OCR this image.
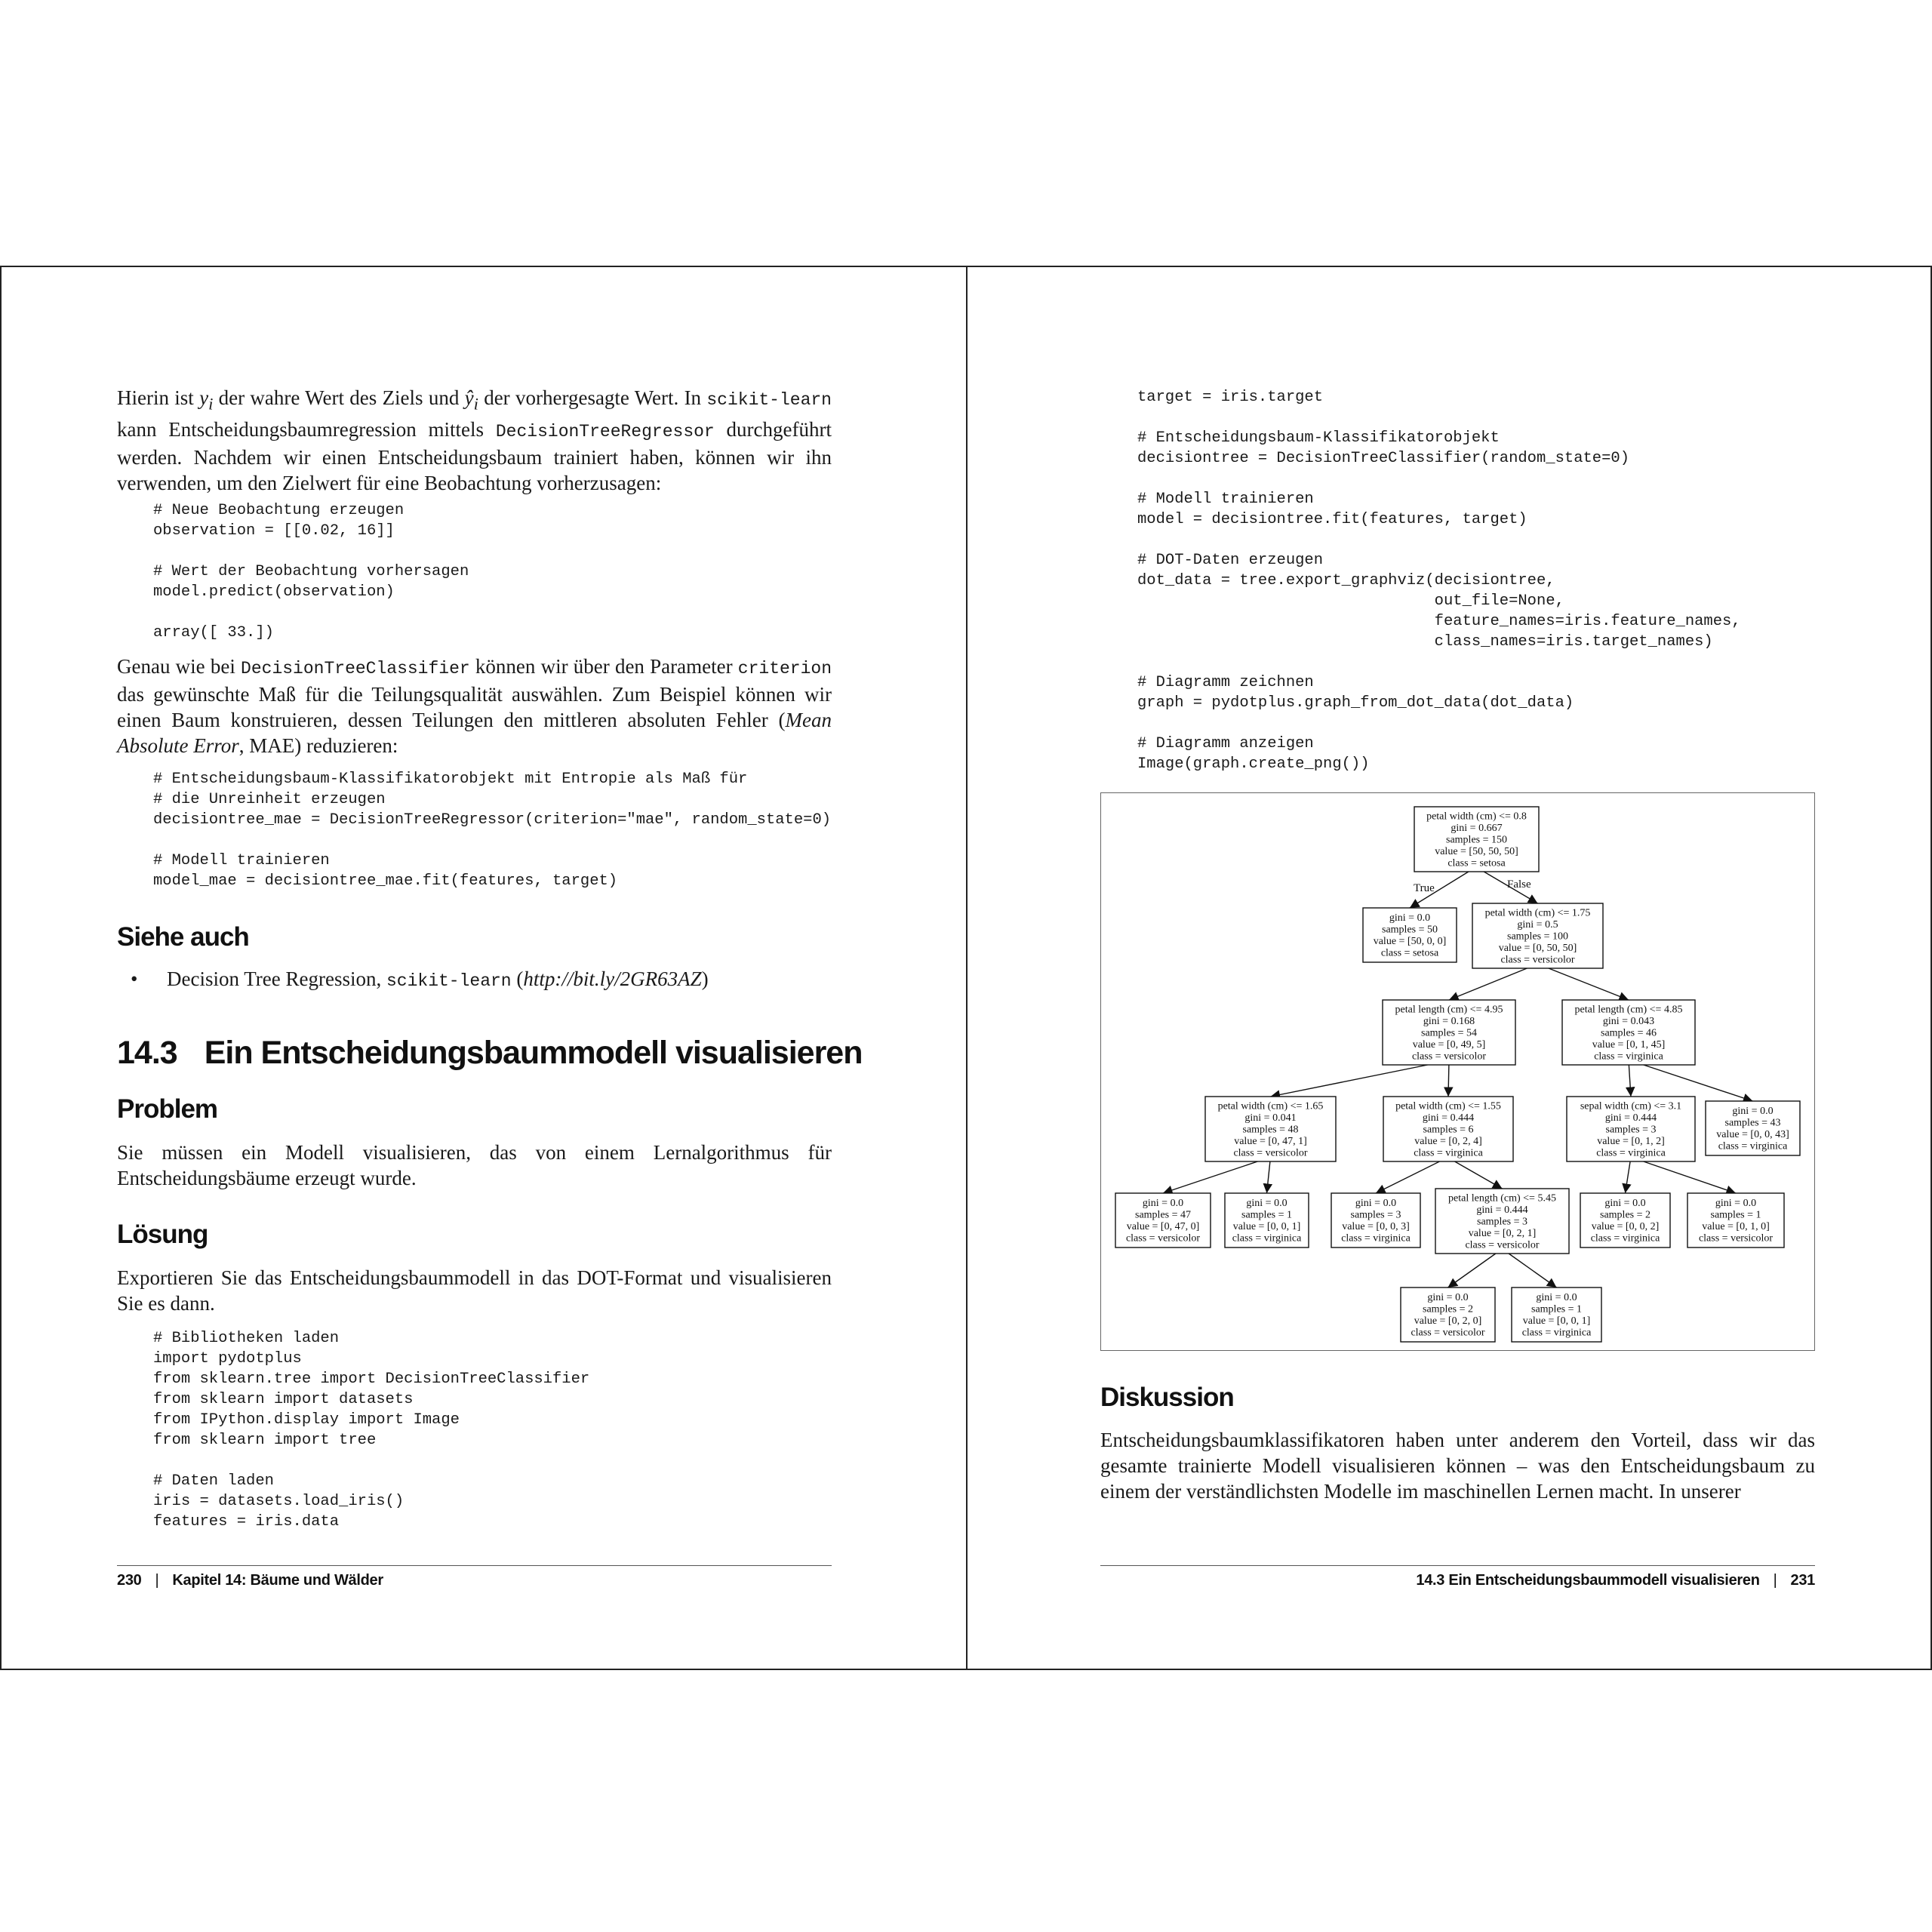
Hierin ist $y_i$ der wahre Wert des Ziels und $ŷ_i$ der vorhergesagte Wert. In scikit-learn kann Entscheidungsbaumregression mittels DecisionTreeRegressor durchgeführt werden. Nachdem wir einen Entscheidungsbaum trainiert haben, können wir ihn verwenden, um den Zielwert für eine Beobachtung vorherzusagen:

# Neue Beobachtung erzeugen
observation = [[0.02, 16]]

# Wert der Beobachtung vorhersagen
model.predict(observation)

array([ 33.])

Genau wie bei DecisionTreeClassifier können wir über den Parameter criterion das gewünschte Maß für die Teilungsqualität auswählen. Zum Beispiel können wir einen Baum konstruieren, dessen Teilungen den mittleren absoluten Fehler (Mean Absolute Error, MAE) reduzieren:

# Entscheidungsbaum-Klassifikatorobjekt mit Entropie als Maß für
# die Unreinheit erzeugen
decisiontree_mae = DecisionTreeRegressor(criterion="mae", random_state=0)

# Modell trainieren
model_mae = decisiontree_mae.fit(features, target)
Siehe auch

• Decision Tree Regression, scikit-learn (http://bit.ly/2GR63AZ)

14.3 Ein Entscheidungsbaummodell visualisieren
Problem

Sie müssen ein Modell visualisieren, das von einem Lernalgorithmus für Entscheidungsbäume erzeugt wurde.

Lösung

Exportieren Sie das Entscheidungsbaummodell in das DOT-Format und visualisieren Sie es dann.

# Bibliotheken laden
import pydotplus
from sklearn.tree import DecisionTreeClassifier
from sklearn import datasets
from IPython.display import Image
from sklearn import tree

# Daten laden
iris = datasets.load_iris()
features = iris.data
230 | Kapitel 14: Bäume und Wälder
target = iris.target

# Entscheidungsbaum-Klassifikatorobjekt
decisiontree = DecisionTreeClassifier(random_state=0)

# Modell trainieren
model = decisiontree.fit(features, target)

# DOT-Daten erzeugen
dot_data = tree.export_graphviz(decisiontree,
out_file=None,
feature_names=iris.feature_names,
class_names=iris.target_names)

# Diagramm zeichnen
graph = pydotplus.graph_from_dot_data(dot_data)

# Diagramm anzeigen
Image(graph.create_png())
petal width (cm) <= 0.8
gini = 0.667
samples = 150
value = [50, 50, 50]
class = setosa
gini = 0.0
samples = 50
value = [50, 0, 0]
class = setosa
petal width (cm) <= 1.75
gini = 0.5
samples = 100
value = [0, 50, 50]
class = versicolor
petal length (cm) <= 4.95
gini = 0.168
samples = 54
value = [0, 49, 5]
class = versicolor
petal length (cm) <= 4.85
gini = 0.043
samples = 46
value = [0, 1, 45]
class = virginica
petal width (cm) <= 1.65
gini = 0.041
samples = 48
value = [0, 47, 1]
class = versicolor
petal width (cm) <= 1.55
gini = 0.444
samples = 6
value = [0, 2, 4]
class = virginica
sepal width (cm) <= 3.1
gini = 0.444
samples = 3
value = [0, 1, 2]
class = virginica
gini = 0.0
samples = 43
value = [0, 0, 43]
class = virginica
gini = 0.0
samples = 47
value = [0, 47, 0]
class = versicolor
gini = 0.0
samples = 1
value = [0, 0, 1]
class = virginica
gini = 0.0
samples = 3
value = [0, 0, 3]
class = virginica
petal length (cm) <= 5.45
gini = 0.444
samples = 3
value = [0, 2, 1]
class = versicolor
gini = 0.0
samples = 2
value = [0, 0, 2]
class = virginica
gini = 0.0
samples = 1
value = [0, 1, 0]
class = versicolor
gini = 0.0
samples = 2
value = [0, 2, 0]
class = versicolor
gini = 0.0
samples = 1
value = [0, 0, 1]
class = virginica
True	False
Diskussion

Entscheidungsbaumklassifikatoren haben unter anderem den Vorteil, dass wir das gesamte trainierte Modell visualisieren können – was den Entscheidungsbaum zu einem der verständlichsten Modelle im maschinellen Lernen macht. In unserer

14.3 Ein Entscheidungsbaummodell visualisieren | 231
